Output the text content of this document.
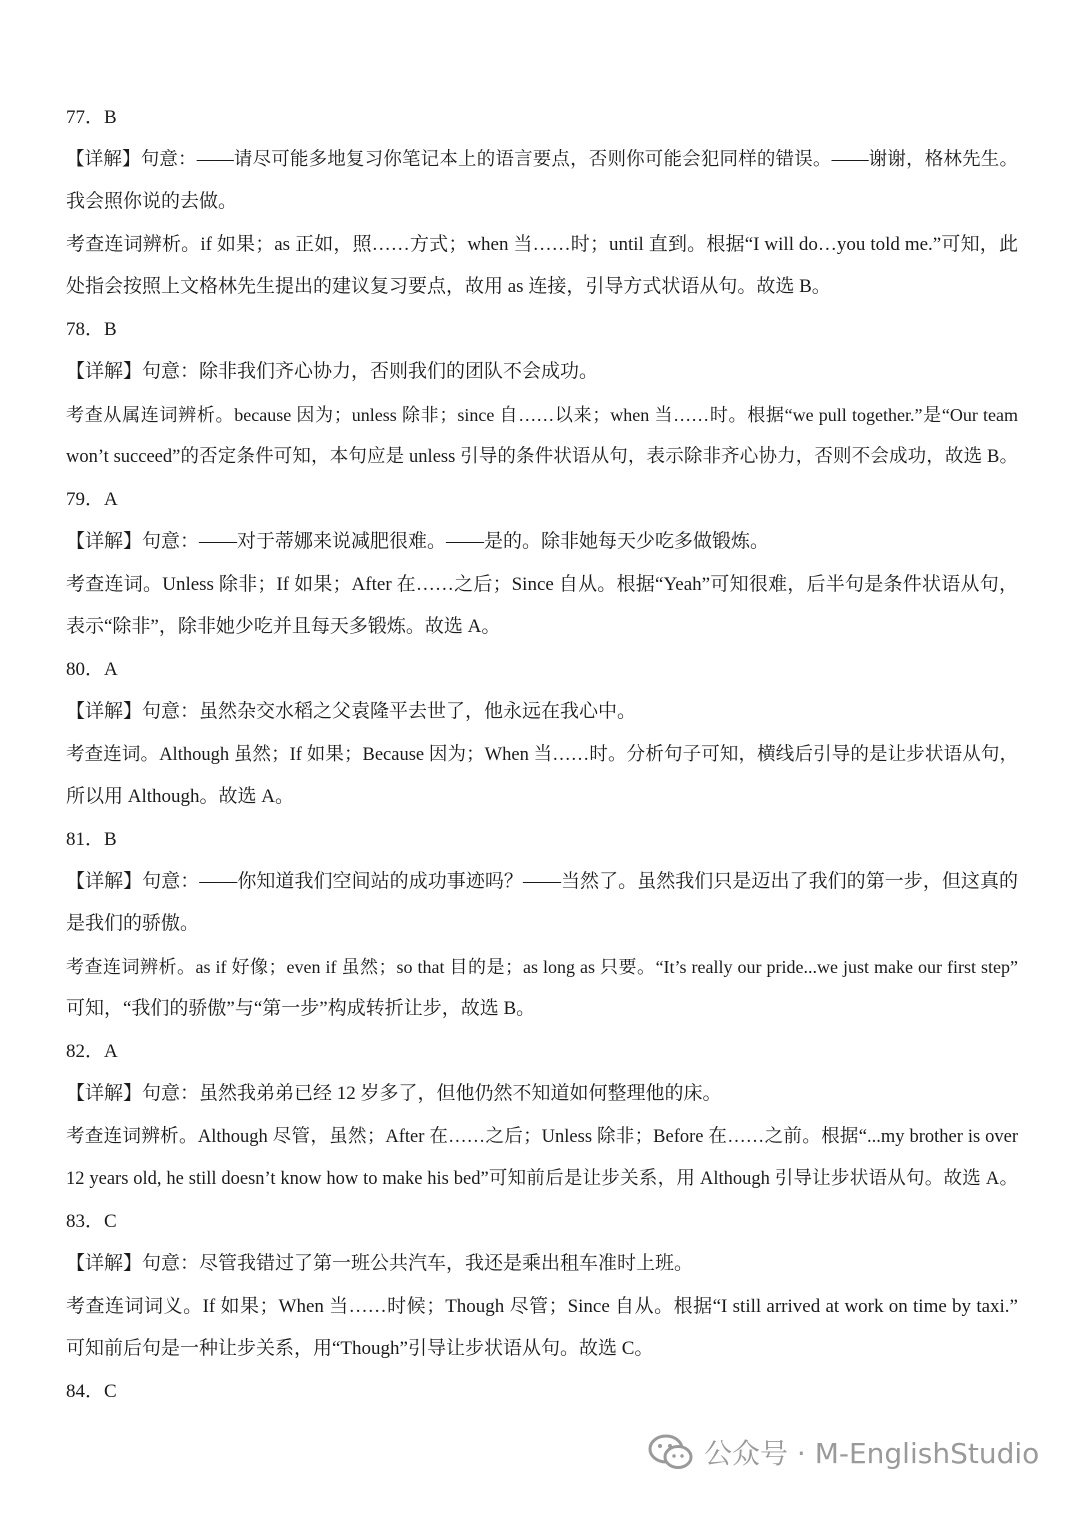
77．B
【详解】句意：——请尽可能多地复习你笔记本上的语言要点，否则你可能会犯同样的错误。——谢谢，格林先生。
我会照你说的去做。
考查连词辨析。if 如果；as 正如，照……方式；when 当……时；until 直到。根据“I will do…you told me.”可知，此
处指会按照上文格林先生提出的建议复习要点，故用 as 连接，引导方式状语从句。故选 B。
78．B
【详解】句意：除非我们齐心协力，否则我们的团队不会成功。
考查从属连词辨析。because 因为；unless 除非；since 自……以来；when 当……时。根据“we pull together.”是“Our team
won’t succeed”的否定条件可知，本句应是 unless 引导的条件状语从句，表示除非齐心协力，否则不会成功，故选 B。
79．A
【详解】句意：——对于蒂娜来说减肥很难。——是的。除非她每天少吃多做锻炼。
考查连词。Unless 除非；If 如果；After 在……之后；Since 自从。根据“Yeah”可知很难，后半句是条件状语从句，
表示“除非”，除非她少吃并且每天多锻炼。故选 A。
80．A
【详解】句意：虽然杂交水稻之父袁隆平去世了，他永远在我心中。
考查连词。Although 虽然；If 如果；Because 因为；When 当……时。分析句子可知，横线后引导的是让步状语从句，
所以用 Although。故选 A。
81．B
【详解】句意：——你知道我们空间站的成功事迹吗？——当然了。虽然我们只是迈出了我们的第一步，但这真的
是我们的骄傲。
考查连词辨析。as if 好像；even if 虽然；so that 目的是；as long as 只要。“It’s really our pride...we just make our first step”
可知，“我们的骄傲”与“第一步”构成转折让步，故选 B。
82．A
【详解】句意：虽然我弟弟已经 12 岁多了，但他仍然不知道如何整理他的床。
考查连词辨析。Although 尽管，虽然；After 在……之后；Unless 除非；Before 在……之前。根据“...my brother is over
12 years old, he still doesn’t know how to make his bed”可知前后是让步关系，用 Although 引导让步状语从句。故选 A。
83．C
【详解】句意：尽管我错过了第一班公共汽车，我还是乘出租车准时上班。
考查连词词义。If 如果；When 当……时候；Though 尽管；Since 自从。根据“I still arrived at work on time by taxi.”
可知前后句是一种让步关系，用“Though”引导让步状语从句。故选 C。
84．C
公众号 · M-EnglishStudio
